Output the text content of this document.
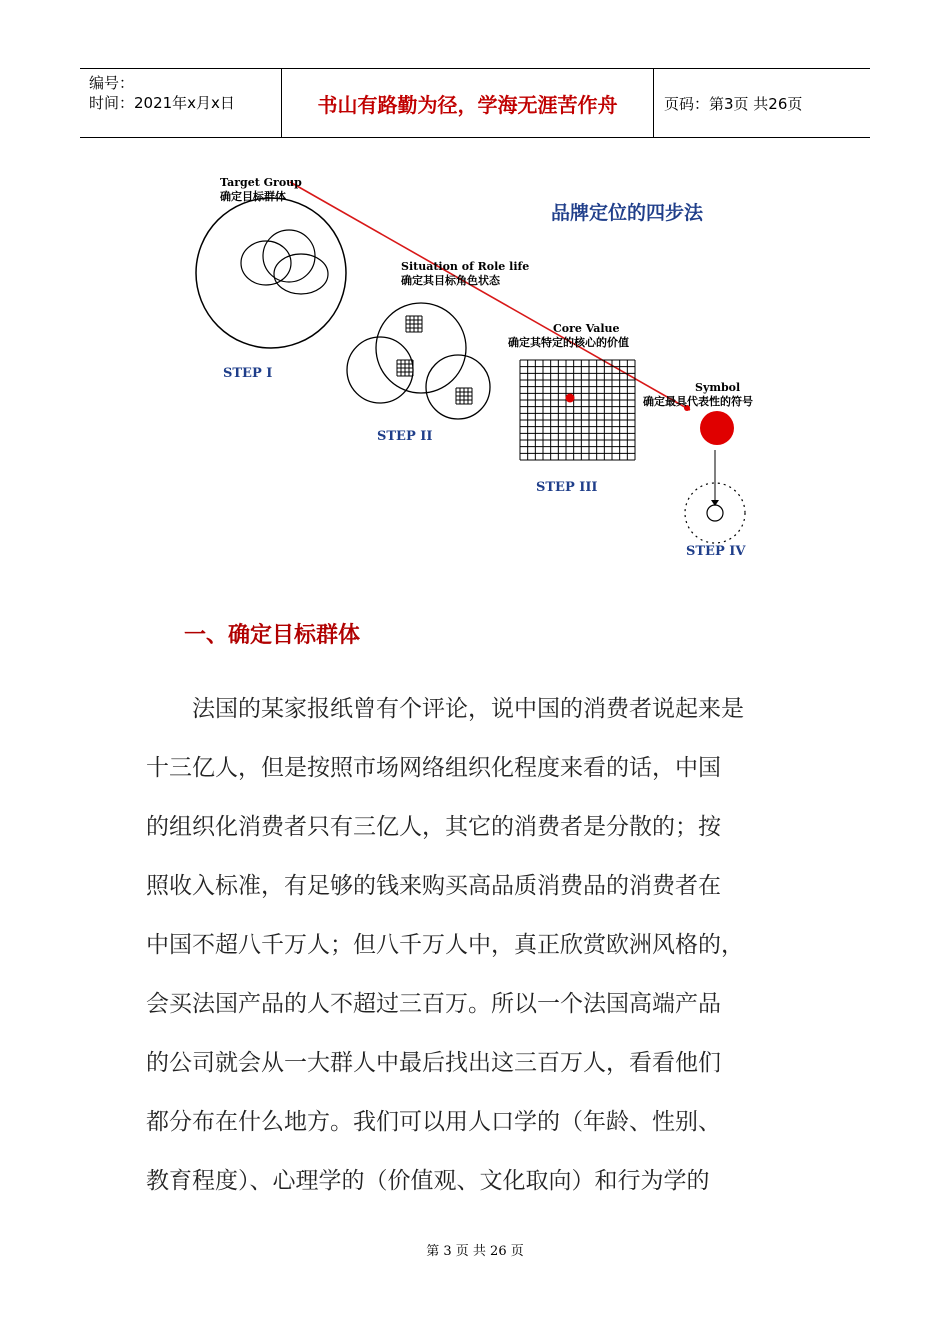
编号：
时间：2021年x月x日	书山有路勤为径，学海无涯苦作舟	页码：第3页 共26页
品牌定位的四步法
Target Group
确定目标群体
STEP I
Situation of Role life
确定其目标角色状态
STEP II
Core Value
确定其特定的核心的价值
STEP III
Symbol
确定最具代表性的符号
STEP IV
一、确定目标群体
　　法国的某家报纸曾有个评论，说中国的消费者说起来是
十三亿人，但是按照市场网络组织化程度来看的话，中国
的组织化消费者只有三亿人，其它的消费者是分散的；按
照收入标准，有足够的钱来购买高品质消费品的消费者在
中国不超八千万人；但八千万人中，真正欣赏欧洲风格的，
会买法国产品的人不超过三百万。所以一个法国高端产品
的公司就会从一大群人中最后找出这三百万人，看看他们
都分布在什么地方。我们可以用人口学的（年龄、性别、
教育程度）、心理学的（价值观、文化取向）和行为学的
第 3 页 共 26 页
